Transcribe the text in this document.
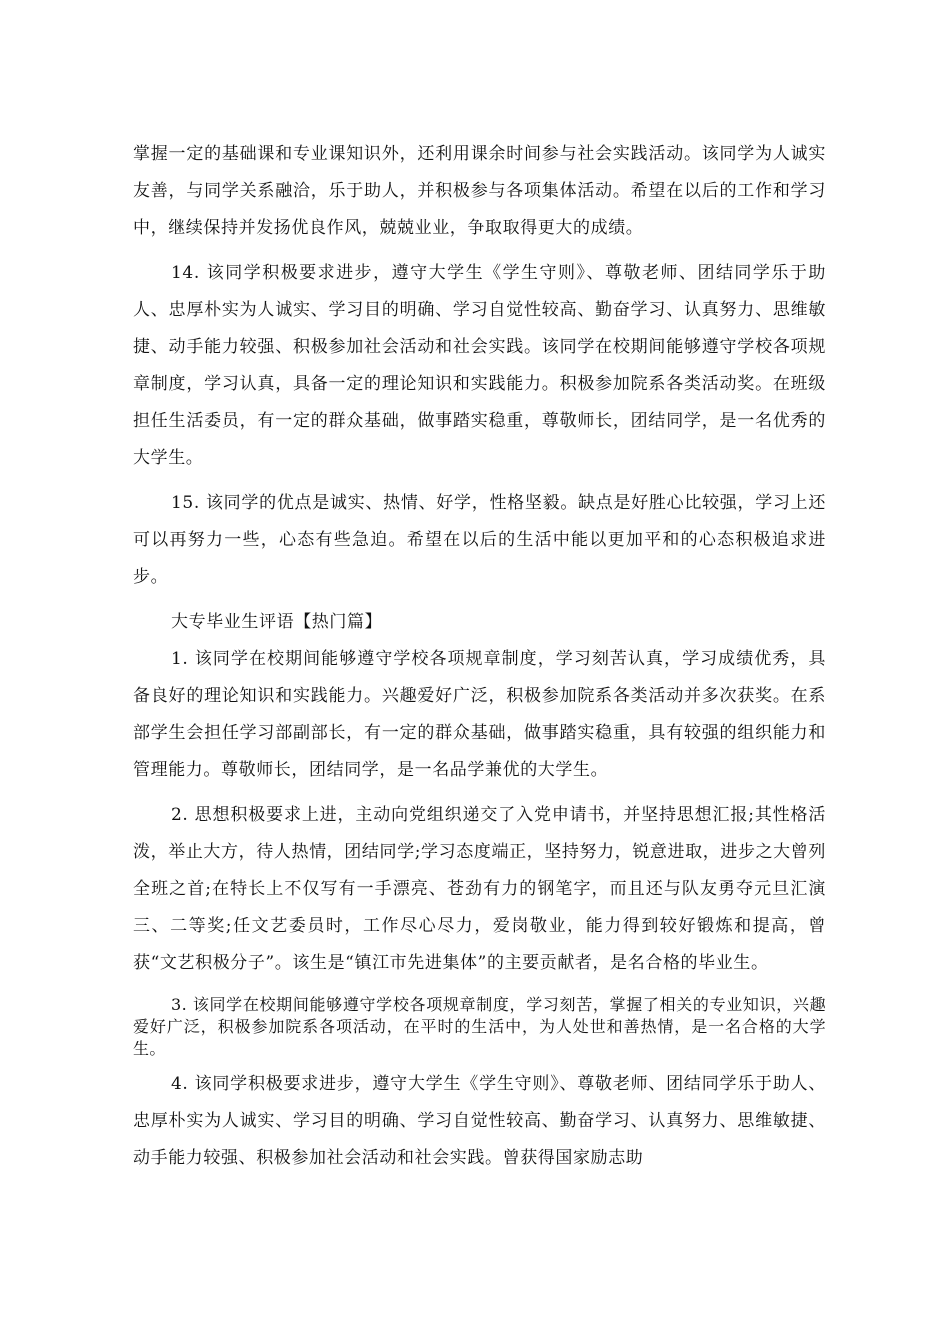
掌握一定的基础课和专业课知识外，还利用课余时间参与社会实践活动。该同学为人诚实友善，与同学关系融洽，乐于助人，并积极参与各项集体活动。希望在以后的工作和学习中，继续保持并发扬优良作风，兢兢业业，争取取得更大的成绩。

14. 该同学积极要求进步，遵守大学生《学生守则》、尊敬老师、团结同学乐于助人、忠厚朴实为人诚实、学习目的明确、学习自觉性较高、勤奋学习、认真努力、思维敏捷、动手能力较强、积极参加社会活动和社会实践。该同学在校期间能够遵守学校各项规章制度，学习认真，具备一定的理论知识和实践能力。积极参加院系各类活动奖。在班级担任生活委员，有一定的群众基础，做事踏实稳重，尊敬师长，团结同学，是一名优秀的大学生。

15. 该同学的优点是诚实、热情、好学，性格坚毅。缺点是好胜心比较强，学习上还可以再努力一些，心态有些急迫。希望在以后的生活中能以更加平和的心态积极追求进步。

大专毕业生评语【热门篇】

1. 该同学在校期间能够遵守学校各项规章制度，学习刻苦认真，学习成绩优秀，具备良好的理论知识和实践能力。兴趣爱好广泛，积极参加院系各类活动并多次获奖。在系部学生会担任学习部副部长，有一定的群众基础，做事踏实稳重，具有较强的组织能力和管理能力。尊敬师长，团结同学，是一名品学兼优的大学生。

2. 思想积极要求上进，主动向党组织递交了入党申请书，并坚持思想汇报;其性格活泼，举止大方，待人热情，团结同学;学习态度端正，坚持努力，锐意进取，进步之大曾列全班之首;在特长上不仅写有一手漂亮、苍劲有力的钢笔字，而且还与队友勇夺元旦汇演三、二等奖;任文艺委员时，工作尽心尽力，爱岗敬业，能力得到较好锻炼和提高，曾获“文艺积极分子”。该生是“镇江市先进集体”的主要贡献者，是名合格的毕业生。

3. 该同学在校期间能够遵守学校各项规章制度，学习刻苦，掌握了相关的专业知识，兴趣爱好广泛，积极参加院系各项活动，在平时的生活中，为人处世和善热情，是一名合格的大学生。

4. 该同学积极要求进步，遵守大学生《学生守则》、尊敬老师、团结同学乐于助人、忠厚朴实为人诚实、学习目的明确、学习自觉性较高、勤奋学习、认真努力、思维敏捷、动手能力较强、积极参加社会活动和社会实践。曾获得国家励志助
